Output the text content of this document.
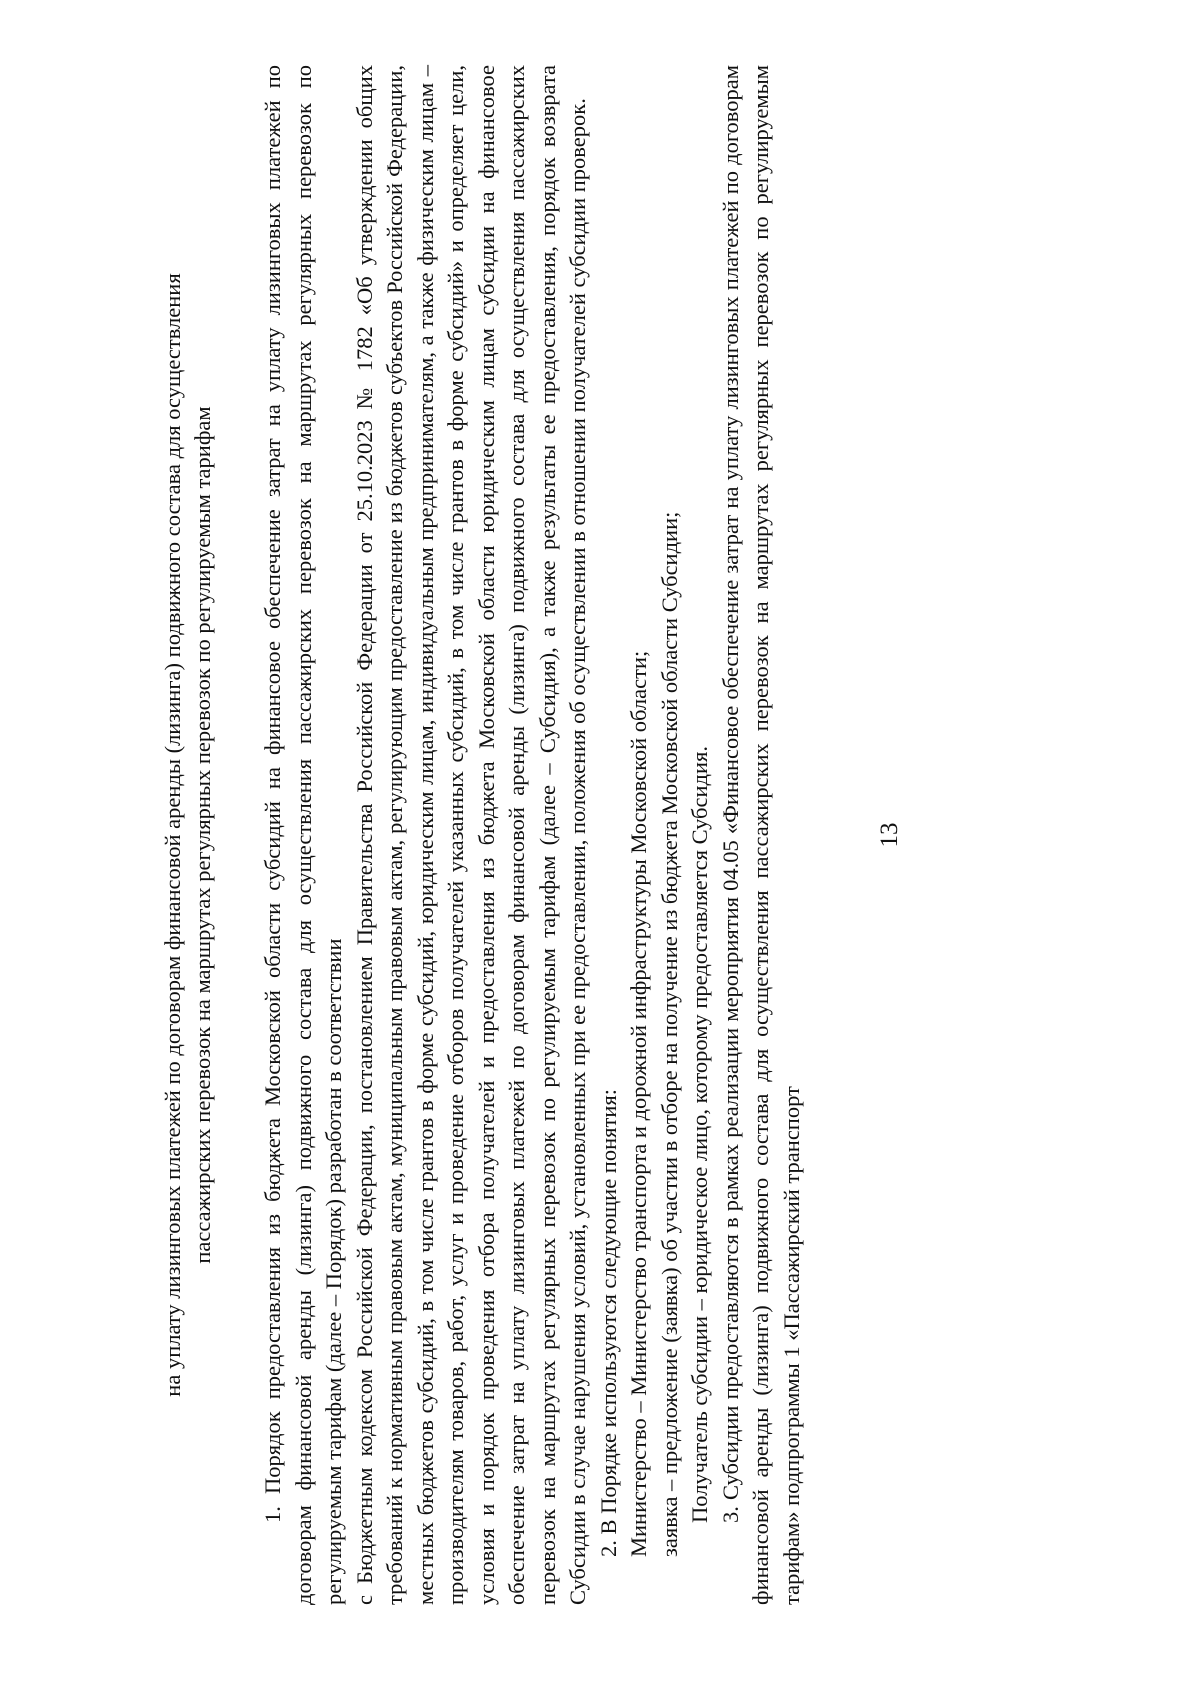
13
на уплату лизинговых платежей по договорам финансовой аренды (лизинга) подвижного состава для осуществления пассажирских перевозок на маршрутах регулярных перевозок по регулируемым тарифам 1. Порядок предоставления из бюджета Московской области субсидий на финансовое обеспечение затрат на уплату лизинговых платежей по договорам финансовой аренды (лизинга) подвижного состава для осуществления пассажирских перевозок на маршрутах регулярных перевозок по регулируемым тарифам (далее – Порядок) разработан в соответствии с Бюджетным кодексом Российской Федерации, постановлением Правительства Российской Федерации от 25.10.2023 № 1782 «Об утверждении общих требований к нормативным правовым актам, муниципальным правовым актам, регулирующим предоставление из бюджетов субъектов Российской Федерации, местных бюджетов субсидий, в том числе грантов в форме субсидий, юридическим лицам, индивидуальным предпринимателям, а также физическим лицам – производителям товаров, работ, услуг и проведение отборов получателей указанных субсидий, в том числе грантов в форме субсидий» и определяет цели, условия и порядок проведения отбора получателей и предоставления из бюджета Московской области юридическим лицам субсидии на финансовое обеспечение затрат на уплату лизинговых платежей по договорам финансовой аренды (лизинга) подвижного состава для осуществления пассажирских перевозок на маршрутах регулярных перевозок по регулируемым тарифам (далее – Субсидия), а также результаты ее предоставления, порядок возврата Субсидии в случае нарушения условий, установленных при ее предоставлении, положения об осуществлении в отношении получателей субсидии проверок. 2. В Порядке используются следующие понятия: Министерство – Министерство транспорта и дорожной инфраструктуры Московской области; заявка – предложение (заявка) об участии в отборе на получение из бюджета Московской области Субсидии; Получатель субсидии – юридическое лицо, которому предоставляется Субсидия. 3. Субсидии предоставляются в рамках реализации мероприятия 04.05 «Финансовое обеспечение затрат на уплату лизинговых платежей по договорам финансовой аренды (лизинга) подвижного состава для осуществления пассажирских перевозок на маршрутах регулярных перевозок по регулируемым тарифам» подпрограммы 1 «Пассажирский транспорт
